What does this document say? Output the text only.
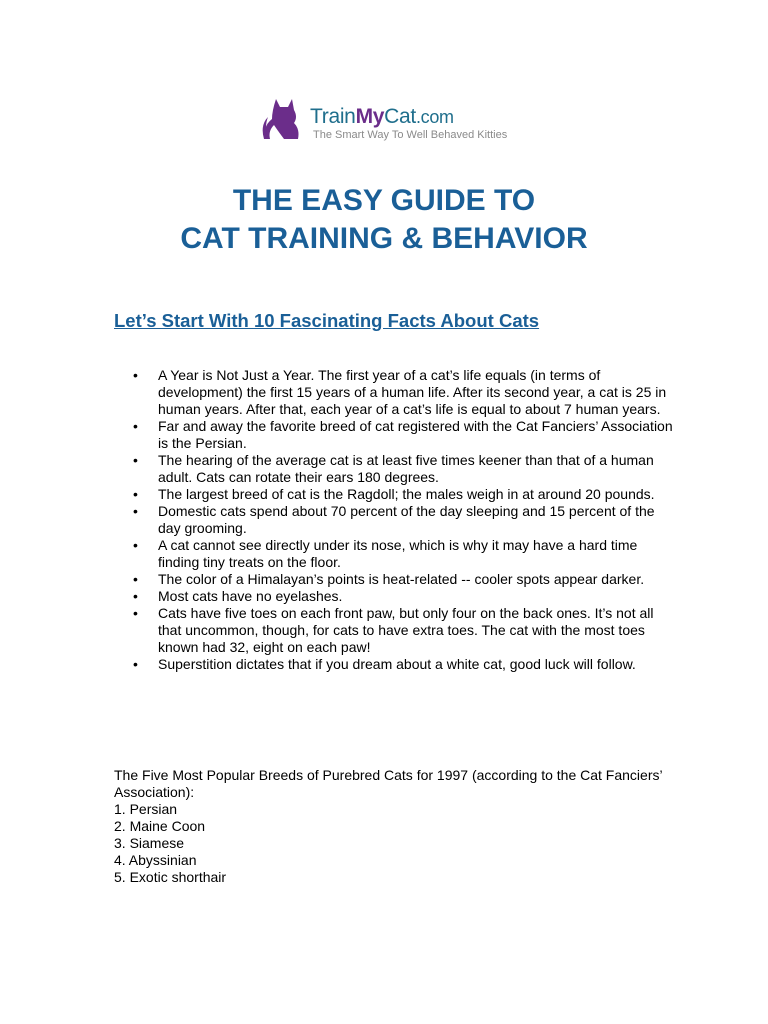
TrainMyCat.com
The Smart Way To Well Behaved Kitties
THE EASY GUIDE TO
CAT TRAINING & BEHAVIOR
Let’s Start With 10 Fascinating Facts About Cats
• A Year is Not Just a Year. The first year of a cat’s life equals (in terms of development) the first 15 years of a human life. After its second year, a cat is 25 in human years. After that, each year of a cat’s life is equal to about 7 human years.
• Far and away the favorite breed of cat registered with the Cat Fanciers’ Association is the Persian.
• The hearing of the average cat is at least five times keener than that of a human adult. Cats can rotate their ears 180 degrees.
• The largest breed of cat is the Ragdoll; the males weigh in at around 20 pounds.
• Domestic cats spend about 70 percent of the day sleeping and 15 percent of the day grooming.
• A cat cannot see directly under its nose, which is why it may have a hard time finding tiny treats on the floor.
• The color of a Himalayan’s points is heat-related -- cooler spots appear darker.
• Most cats have no eyelashes.
• Cats have five toes on each front paw, but only four on the back ones. It’s not all that uncommon, though, for cats to have extra toes. The cat with the most toes known had 32, eight on each paw!
• Superstition dictates that if you dream about a white cat, good luck will follow.

The Five Most Popular Breeds of Purebred Cats for 1997 (according to the Cat Fanciers’ Association):

1. Persian
2. Maine Coon
3. Siamese
4. Abyssinian
5. Exotic shorthair
